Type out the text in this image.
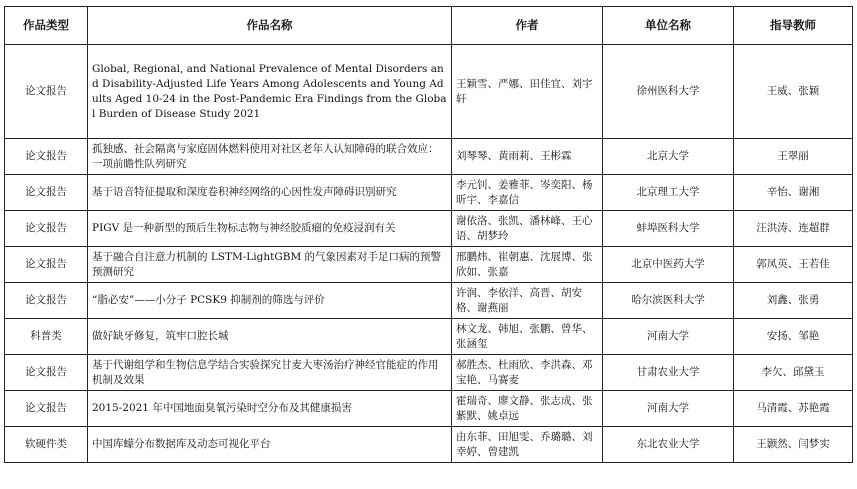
作品类型	作品名称	作者	单位名称	指导教师
论文报告	Global, Regional, and National Prevalence of Mental Disorders and Disability-Adjusted Life Years Among Adolescents and Young Adults Aged 10-24 in the Post-Pandemic Era Findings from the Global Burden of Disease Study 2021	王颖雪、严娜、田佳宜、刘宇轩	徐州医科大学	王威、张颖
论文报告	孤独感、社会隔离与家庭固体燃料使用对社区老年人认知障碍的联合效应：一项前瞻性队列研究	刘琴琴、黄雨莉、王彬霖	北京大学	王翠丽
论文报告	基于语音特征提取和深度卷积神经网络的心因性发声障碍识别研究	李元钊、姜雅菲、岑奕阳、杨昕宇、李嘉信	北京理工大学	辛怡、谢湘
论文报告	PIGV 是一种新型的预后生物标志物与神经胶质瘤的免疫浸润有关	谢依洛、张凯、潘林峰、王心语、胡梦玲	蚌埠医科大学	汪洪涛、连超群
论文报告	基于融合自注意力机制的 LSTM-LightGBM 的气象因素对手足口病的预警预测研究	邢鹏炜、崔朝惠、沈展博、张欣如、张嘉	北京中医药大学	郭凤英、王若佳
论文报告	“脂必安”——小分子 PCSK9 抑制剂的筛选与评价	许润、李依洋、高晋、胡安格、谢燕丽	哈尔滨医科大学	刘鑫、张勇
科普类	做好缺牙修复，筑牢口腔长城	林文龙、韩旭、张鹏、曾华、张涵玺	河南大学	安扬、邹艳
论文报告	基于代谢组学和生物信息学结合实验探究甘麦大枣汤治疗神经官能症的作用机制及效果	郝胜杰、杜雨欣、李洪森、邓宝艳、马赛麦	甘肃农业大学	李欠、邱黛玉
论文报告	2015-2021 年中国地面臭氧污染时空分布及其健康损害	霍瑞奇、廖文静、张志成、张紫默、姚卓远	河南大学	马清霞、苏艳霞
软硬件类	中国库蠓分布数据库及动态可视化平台	由东菲、田旭雯、乔璐璐、刘幸婷、曾建凯	东北农业大学	王颢然、闫梦实
